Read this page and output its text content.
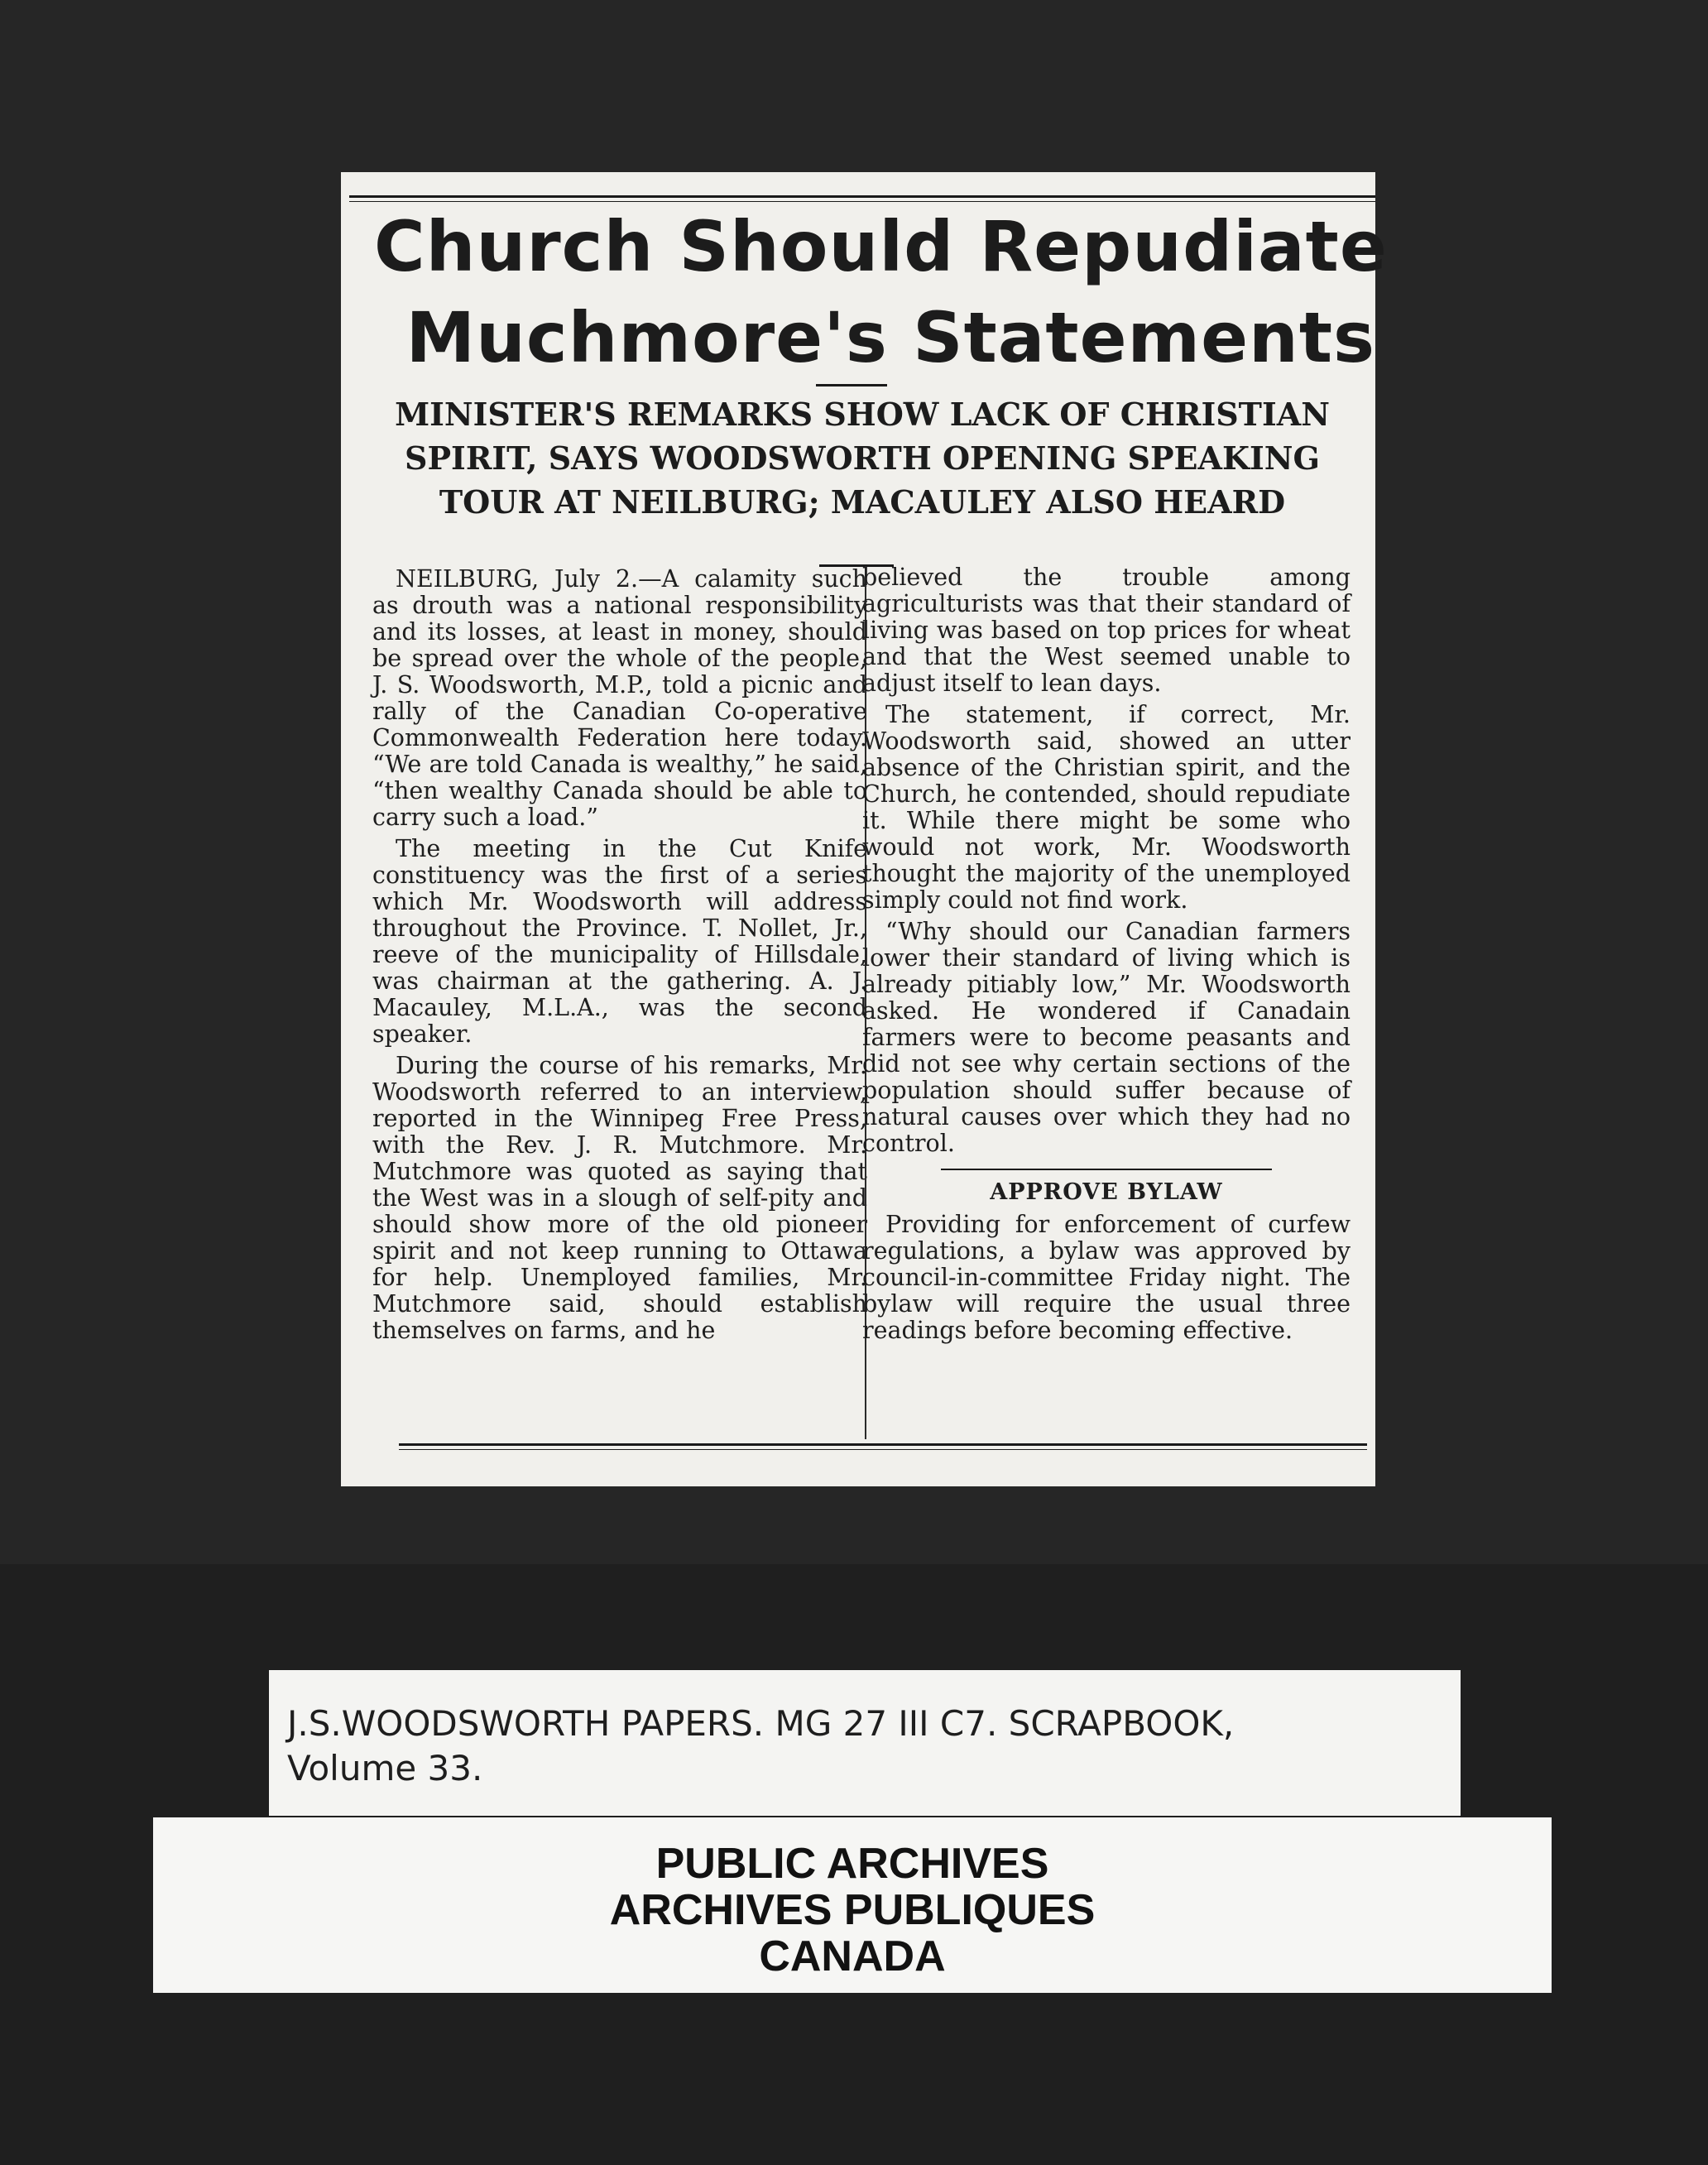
Church Should Repudiate
Muchmore's Statements
MINISTER'S REMARKS SHOW LACK OF CHRISTIAN
SPIRIT, SAYS WOODSWORTH OPENING SPEAKING
TOUR AT NEILBURG; MACAULEY ALSO HEARD

NEILBURG, July 2.—A calamity such as drouth was a national responsibility and its losses, at least in money, should be spread over the whole of the people, J. S. Woodsworth, M.P., told a picnic and rally of the Canadian Co-operative Commonwealth Federation here today. “We are told Canada is wealthy,” he said, “then wealthy Canada should be able to carry such a load.”

The meeting in the Cut Knife constituency was the first of a series which Mr. Woodsworth will address throughout the Province. T. Nollet, Jr., reeve of the municipality of Hillsdale, was chairman at the gathering. A. J. Macauley, M.L.A., was the second speaker.

During the course of his remarks, Mr. Woodsworth referred to an interview, reported in the Winnipeg Free Press, with the Rev. J. R. Mutchmore. Mr. Mutchmore was quoted as saying that the West was in a slough of self-pity and should show more of the old pioneer spirit and not keep running to Ottawa for help. Unemployed families, Mr. Mutchmore said, should establish themselves on farms, and he

believed the trouble among agriculturists was that their standard of living was based on top prices for wheat and that the West seemed unable to adjust itself to lean days.

The statement, if correct, Mr. Woodsworth said, showed an utter absence of the Christian spirit, and the Church, he contended, should repudiate it. While there might be some who would not work, Mr. Woodsworth thought the majority of the unemployed simply could not find work.

“Why should our Canadian farmers lower their standard of living which is already pitiably low,” Mr. Woodsworth asked. He wondered if Canadain farmers were to become peasants and did not see why certain sections of the population should suffer because of natural causes over which they had no control.

APPROVE BYLAW

Providing for enforcement of curfew regulations, a bylaw was approved by council-in-committee Friday night. The bylaw will require the usual three readings before becoming effective.

J.S.WOODSWORTH PAPERS. MG 27 III C7. SCRAPBOOK,
Volume 33.
PUBLIC ARCHIVES
ARCHIVES PUBLIQUES
CANADA
